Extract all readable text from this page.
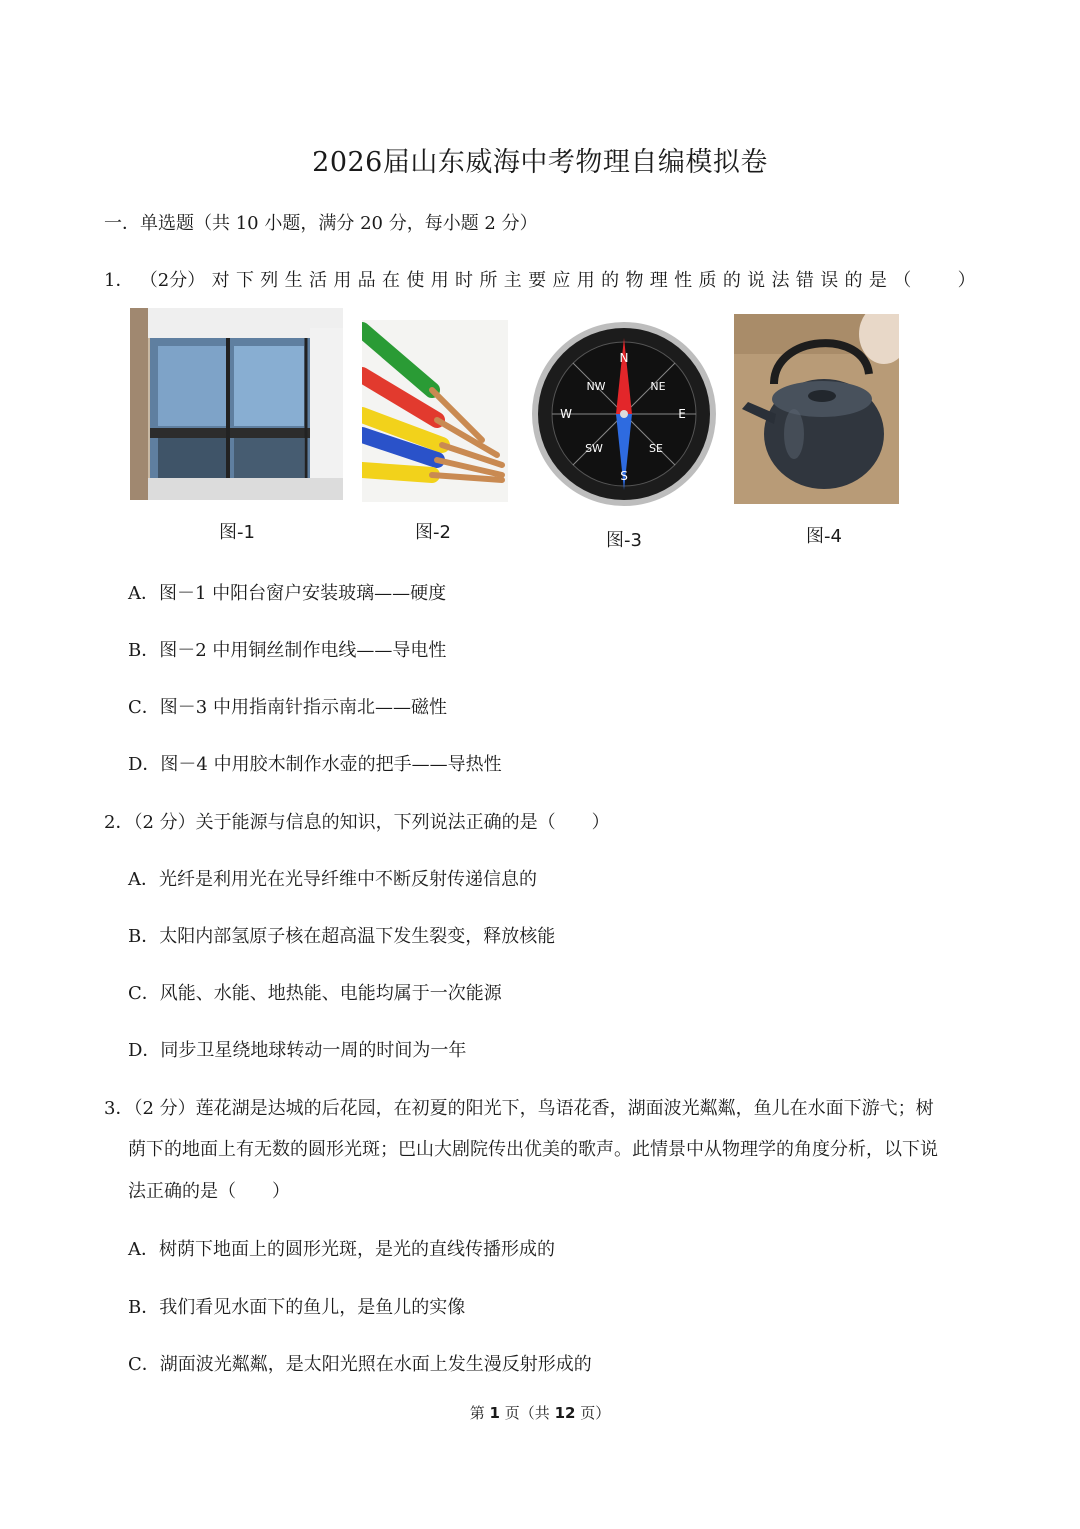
2026届山东威海中考物理自编模拟卷
一．单选题（共 10 小题，满分 20 分，每小题 2 分）
1． （2分） 对 下 列 生 活 用 品 在 使 用 时 所 主 要 应 用 的 物 理 性 质 的 说 法 错 误 的 是 （	）
图-1	图-2
N
NE
E
SE
S
SW
W
NW
图-3	图-4
A．图－1 中阳台窗户安装玻璃——硬度
B．图－2 中用铜丝制作电线——导电性
C．图－3 中用指南针指示南北——磁性
D．图－4 中用胶木制作水壶的把手——导热性
2．（2 分）关于能源与信息的知识，下列说法正确的是（　　）
A．光纤是利用光在光导纤维中不断反射传递信息的
B．太阳内部氢原子核在超高温下发生裂变，释放核能
C．风能、水能、地热能、电能均属于一次能源
D．同步卫星绕地球转动一周的时间为一年
3．（2 分）莲花湖是达城的后花园，在初夏的阳光下，鸟语花香，湖面波光粼粼，鱼儿在水面下游弋；树
荫下的地面上有无数的圆形光斑；巴山大剧院传出优美的歌声。此情景中从物理学的角度分析，以下说
法正确的是（　　）
A．树荫下地面上的圆形光斑，是光的直线传播形成的
B．我们看见水面下的鱼儿，是鱼儿的实像
C．湖面波光粼粼，是太阳光照在水面上发生漫反射形成的
第 1 页（共 12 页）
